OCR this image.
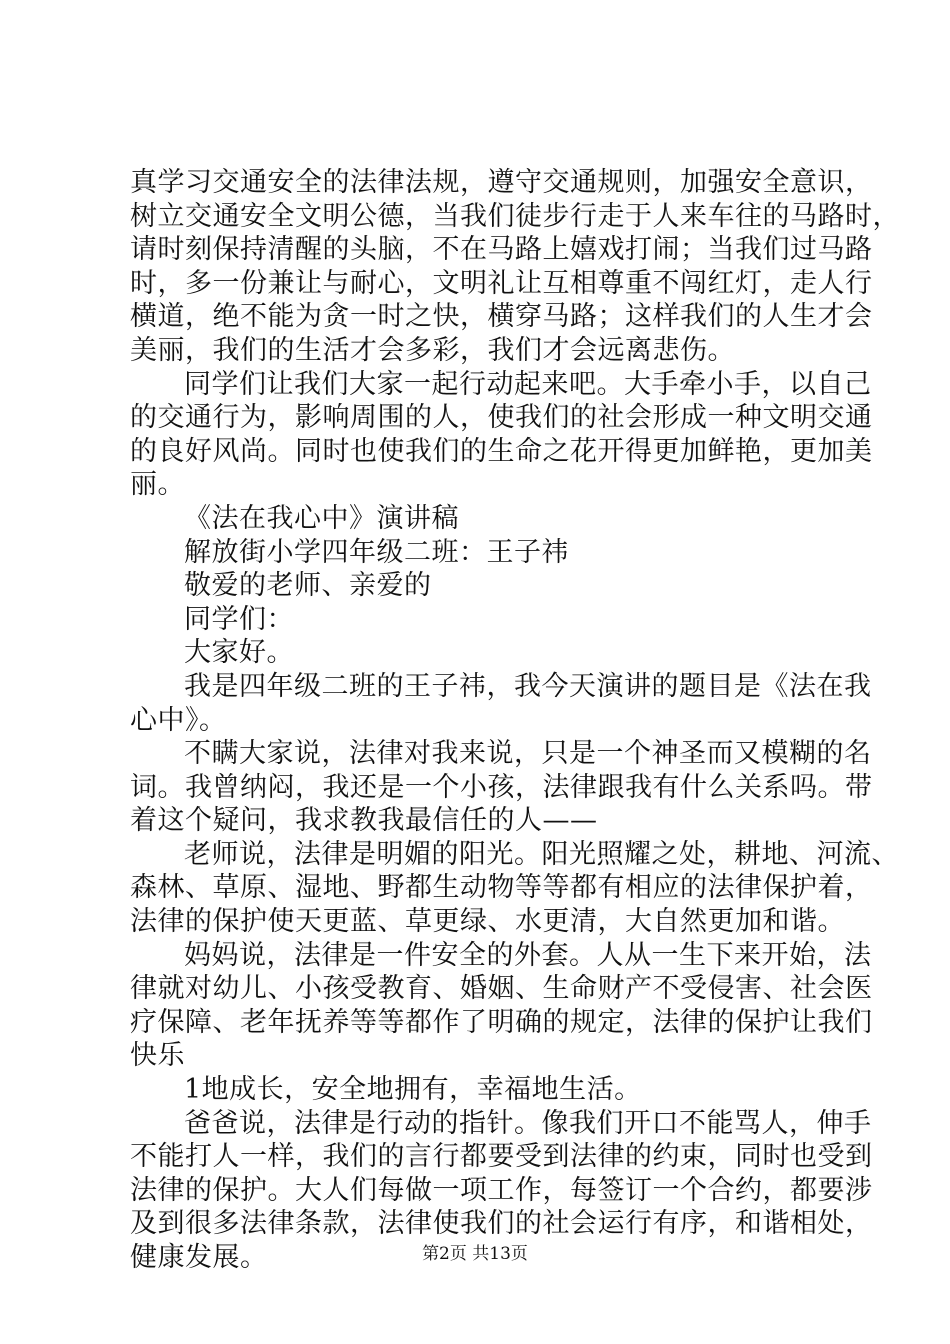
真学习交通安全的法律法规，遵守交通规则，加强安全意识，
树立交通安全文明公德，当我们徒步行走于人来车往的马路时，
请时刻保持清醒的头脑，不在马路上嬉戏打闹；当我们过马路
时，多一份兼让与耐心，文明礼让互相尊重不闯红灯，走人行
横道，绝不能为贪一时之快，横穿马路；这样我们的人生才会
美丽，我们的生活才会多彩，我们才会远离悲伤。
同学们让我们大家一起行动起来吧。大手牵小手，以自己
的交通行为，影响周围的人，使我们的社会形成一种文明交通
的良好风尚。同时也使我们的生命之花开得更加鲜艳，更加美
丽。
《法在我心中》演讲稿
解放街小学四年级二班：王子祎
敬爱的老师、亲爱的
同学们：
大家好。
我是四年级二班的王子祎，我今天演讲的题目是《法在我
心中》。
不瞒大家说，法律对我来说，只是一个神圣而又模糊的名
词。我曾纳闷，我还是一个小孩，法律跟我有什么关系吗。带
着这个疑问，我求教我最信任的人——
老师说，法律是明媚的阳光。阳光照耀之处，耕地、河流、
森林、草原、湿地、野都生动物等等都有相应的法律保护着，
法律的保护使天更蓝、草更绿、水更清，大自然更加和谐。
妈妈说，法律是一件安全的外套。人从一生下来开始，法
律就对幼儿、小孩受教育、婚姻、生命财产不受侵害、社会医
疗保障、老年抚养等等都作了明确的规定，法律的保护让我们
快乐
1地成长，安全地拥有，幸福地生活。
爸爸说，法律是行动的指针。像我们开口不能骂人，伸手
不能打人一样，我们的言行都要受到法律的约束，同时也受到
法律的保护。大人们每做一项工作，每签订一个合约，都要涉
及到很多法律条款，法律使我们的社会运行有序，和谐相处，
健康发展。	第2页 共13页
